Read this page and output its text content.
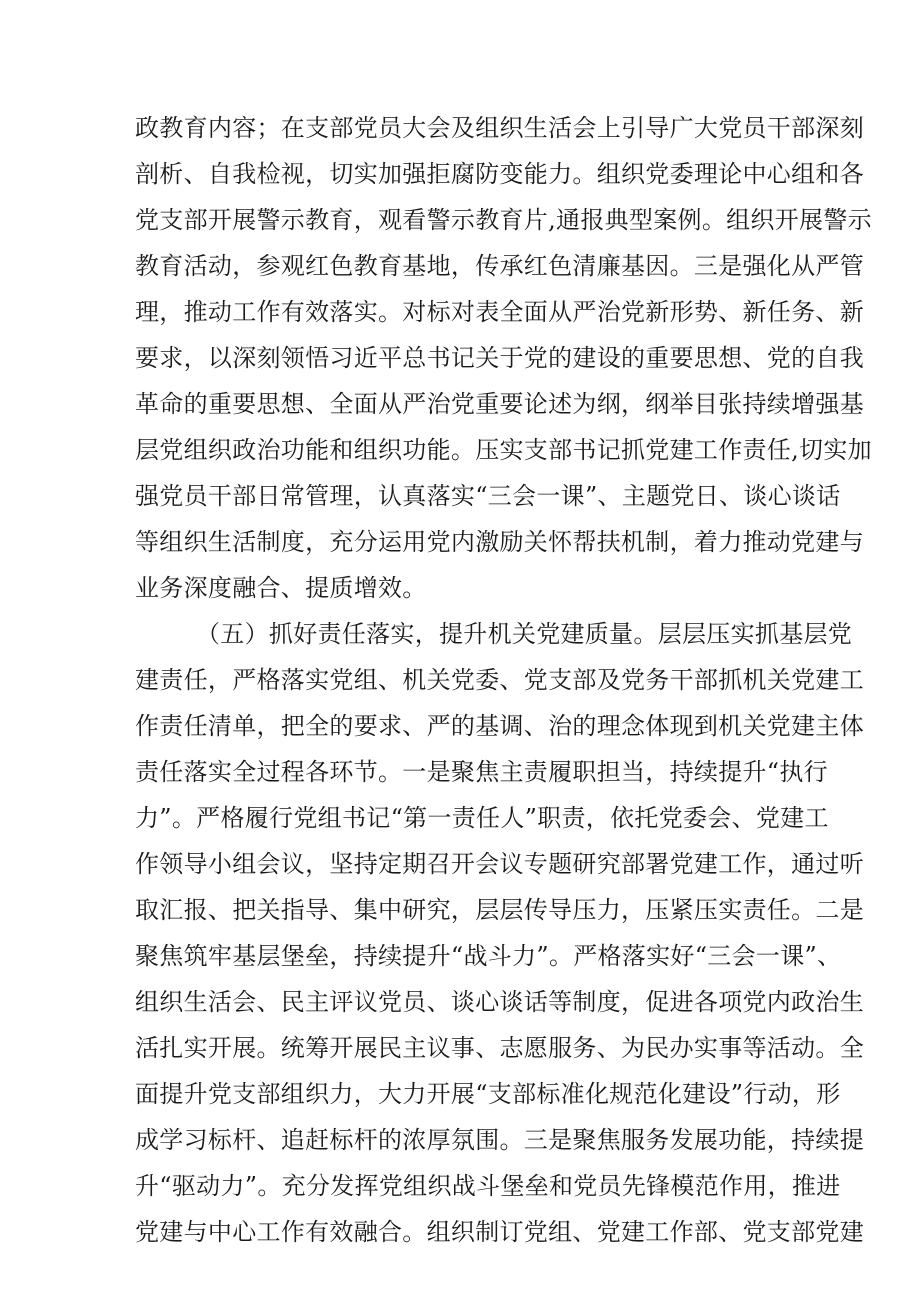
政教育内容；在支部党员大会及组织生活会上引导广大党员干部深刻
剖析、自我检视，切实加强拒腐防变能力。组织党委理论中心组和各
党支部开展警示教育，观看警示教育片,通报典型案例。组织开展警示
教育活动，参观红色教育基地，传承红色清廉基因。三是强化从严管
理，推动工作有效落实。对标对表全面从严治党新形势、新任务、新
要求，以深刻领悟习近平总书记关于党的建设的重要思想、党的自我
革命的重要思想、全面从严治党重要论述为纲，纲举目张持续增强基
层党组织政治功能和组织功能。压实支部书记抓党建工作责任,切实加
强党员干部日常管理，认真落实“三会一课”、主题党日、谈心谈话
等组织生活制度，充分运用党内激励关怀帮扶机制，着力推动党建与
业务深度融合、提质增效。
（五）抓好责任落实，提升机关党建质量。层层压实抓基层党
建责任，严格落实党组、机关党委、党支部及党务干部抓机关党建工
作责任清单，把全的要求、严的基调、治的理念体现到机关党建主体
责任落实全过程各环节。一是聚焦主责履职担当，持续提升“执行
力”。严格履行党组书记“第一责任人”职责，依托党委会、党建工
作领导小组会议，坚持定期召开会议专题研究部署党建工作，通过听
取汇报、把关指导、集中研究，层层传导压力，压紧压实责任。二是
聚焦筑牢基层堡垒，持续提升“战斗力”。严格落实好“三会一课”、
组织生活会、民主评议党员、谈心谈话等制度，促进各项党内政治生
活扎实开展。统筹开展民主议事、志愿服务、为民办实事等活动。全
面提升党支部组织力，大力开展“支部标准化规范化建设”行动，形
成学习标杆、追赶标杆的浓厚氛围。三是聚焦服务发展功能，持续提
升“驱动力”。充分发挥党组织战斗堡垒和党员先锋模范作用，推进
党建与中心工作有效融合。组织制订党组、党建工作部、党支部党建
